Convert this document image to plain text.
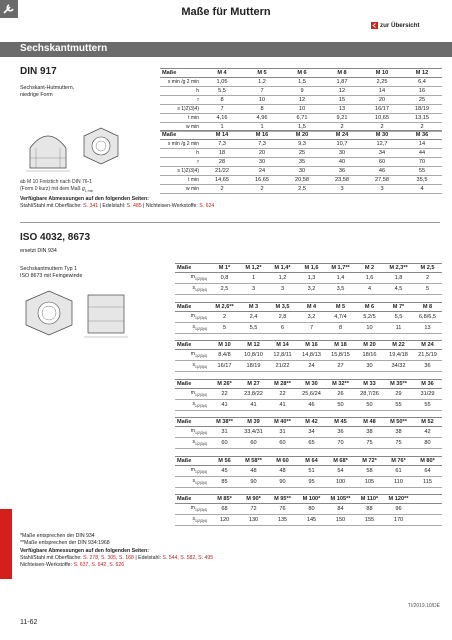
Maße für Muttern
zur Übersicht
Sechskantmuttern
DIN 917
Sechskant-Hutmuttern,
niedrige Form
Maße	M 4	M 5	M 6	M 8	M 10	M 12
x min /g 2 min	1,05	1,2	1,5	1,87	2,25	6,4
h	5,5	7	9	12	14	16
r	8	10	12	15	20	25
s 1)2)3)4)	7	8	10	13	16/17	18/19
t min	4,16	4,96	6,71	9,21	10,65	13,15
w min	1	1	1,5	2	2	2
Maße	M 14	M 16	M 20	M 24	M 30	M 36
x min /g 2 min	7,3	7,3	9,3	10,7	12,7	14
h	18	20	25	30	34	44
r	28	30	35	40	60	70
s 1)2)3)4)	21/22	24	30	36	46	55
t min	14,65	16,65	20,58	23,58	27,58	35,5
w min	2	2	2,5	3	3	4
ab M 10 Freistich nach DIN 76-1
(Form 0 kurz) mit dem Maß $g_{1 min}$
Verfügbare Abmessungen auf den folgenden Seiten:
Stahl/Stahl mit Oberfläche: S. 341 | Edelstahl: S. 485 | Nichteisen-Werkstoffe: S. 624
ISO 4032, 8673
ersetzt DIN 934
Sechskantmuttern Typ 1
ISO 8673 mit Feingewinde
Maße	M 1*	M 1,2*	M 1,4*	M 1,6	M 1,7**	M 2	M 2,3**	M 2,5
$m_{1)2)3)4)}$	0,8	1	1,2	1,3	1,4	1,6	1,8	2
$s_{1)2)3)4)}$	2,5	3	3	3,2	3,5	4	4,5	5
Maße	M 2,6**	M 3	M 3,5	M 4	M 5	M 6	M 7*	M 8
$m_{1)2)3)4)}$	2	2,4	2,8	3,2	4,7/4	5,2/5	5,5	6,8/6,5
$s_{1)2)3)4)}$	5	5,5	6	7	8	10	11	13
Maße	M 10	M 12	M 14	M 16	M 18	M 20	M 22	M 24
$m_{1)2)3)4)}$	8,4/8	10,8/10	12,8/11	14,8/13	15,8/15	18/16	19,4/18	21,5/19
$s_{1)2)3)4)}$	16/17	18/19	21/22	24	27	30	34/32	36
Maße	M 26*	M 27	M 28**	M 30	M 32**	M 33	M 35**	M 36
$m_{1)2)3)4)}$	22	23,8/22	22	25,6/24	26	28,7/26	29	31/29
$s_{1)2)3)4)}$	41	41	41	46	50	50	55	55
Maße	M 38**	M 39	M 40**	M 42	M 45	M 48	M 50**	M 52
$m_{1)2)3)4)}$	31	33,4/31	31	34	36	38	38	42
$s_{1)2)3)4)}$	60	60	60	65	70	75	75	80
Maße	M 56	M 58**	M 60	M 64	M 68*	M 72*	M 76*	M 80*
$m_{1)2)3)4)}$	45	48	48	51	54	58	61	64
$s_{1)2)3)4)}$	85	90	90	95	100	105	110	115
Maße	M 85*	M 90*	M 95**	M 100*	M 105**	M 110*	M 120**	
$m_{1)2)3)4)}$	68	72	76	80	84	88	96	
$s_{1)2)3)4)}$	120	130	135	145	150	155	170	
*Maße entsprechen der DIN 934
**Maße entsprechen der DIN 934:1968
Verfügbare Abmessungen auf den folgenden Seiten:
Stahl/Stahl mit Oberfläche: S. 278, S. 305, S. 168 | Edelstahl: S. 544, S. 582, S. 495
Nichteisen-Werkstoffe: S. 637, S. 642, S. 626
TI/2019.10/DE
11-62
